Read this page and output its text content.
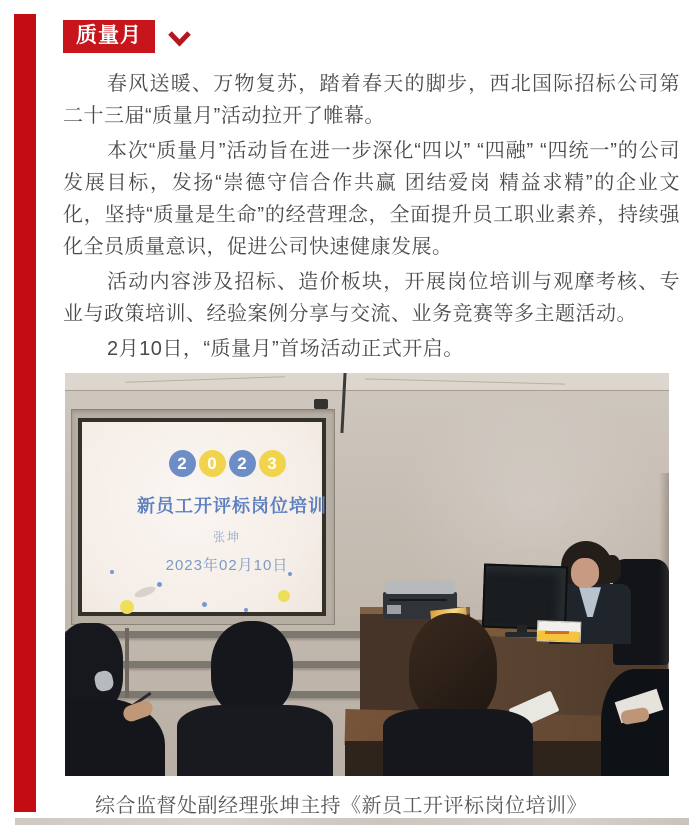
质量月

春风送暖、万物复苏，踏着春天的脚步，西北国际招标公司第二十三届“质量月”活动拉开了帷幕。

本次“质量月”活动旨在进一步深化“四以” “四融” “四统一”的公司发展目标，发扬“崇德守信合作共赢 团结爱岗 精益求精”的企业文化，坚持“质量是生命”的经营理念，全面提升员工职业素养，持续强化全员质量意识，促进公司快速健康发展。

活动内容涉及招标、造价板块，开展岗位培训与观摩考核、专业与政策培训、经验案例分享与交流、业务竞赛等多主题活动。

2月10日，“质量月”首场活动正式开启。

2	0	2	3
新员工开评标岗位培训
张坤
2023年02月10日

综合监督处副经理张坤主持《新员工开评标岗位培训》
